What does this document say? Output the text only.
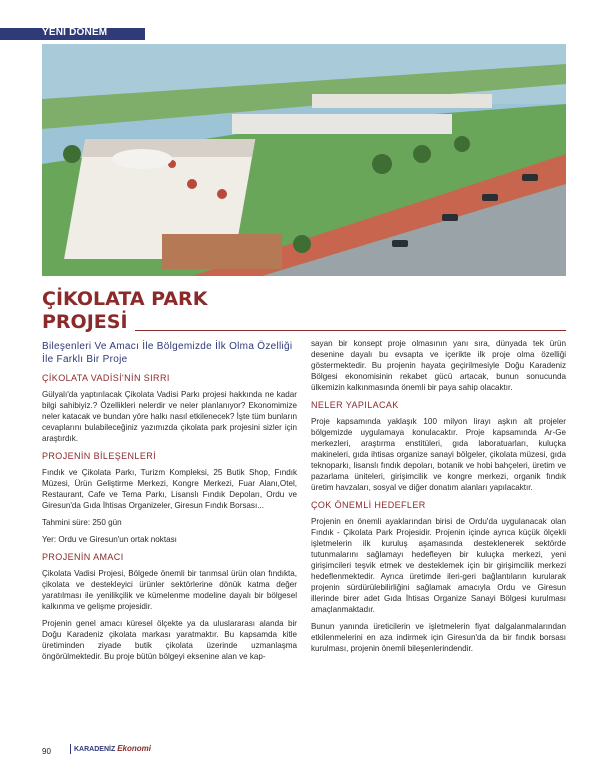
YENİ DÖNEM
ÇİKOLATA PARK
PROJESİ
Bileşenleri Ve Amacı İle Bölgemizde İlk Olma Özelliği İle Farklı Bir Proje
ÇİKOLATA VADİSİ'NİN SIRRI

Gülyalı'da yaptırılacak Çikolata Vadisi Parkı projesi hakkında ne kadar bilgi sahibiyiz.? Özellikleri nelerdir ve neler planlanıyor? Ekonomimize neler katacak ve bundan yöre halkı nasıl etkilenecek? İşte tüm bunların cevaplarını bulabileceğiniz yazımızda çikolata park projesini sizler için araştırdık.

PROJENİN BİLEŞENLERİ

Fındık ve Çikolata Parkı, Turizm Kompleksi, 25 Butik Shop, Fındık Müzesi, Ürün Geliştirme Merkezi, Kongre Merkezi, Fuar Alanı,Otel, Restaurant, Cafe ve Tema Parkı, Lisanslı Fındık Depoları, Ordu ve Giresun'da Gıda İhtisas Organizeler, Giresun Fındık Borsası...

Tahmini süre: 250 gün

Yer: Ordu ve Giresun'un ortak noktası

PROJENİN AMACI

Çikolata Vadisi Projesi, Bölgede önemli bir tarımsal ürün olan fındıkta, çikolata ve destekleyici ürünler sektörlerine dönük katma değer yaratılması ile yenilikçilik ve kümelenme modeline dayalı bir bölgesel kalkınma ve gelişme projesidir.

Projenin genel amacı küresel ölçekte ya da uluslararası alanda bir Doğu Karadeniz çikolata markası yaratmaktır. Bu kapsamda kitle üretiminden ziyade butik çikolata üzerinde uzmanlaşma öngörülmektedir. Bu proje bütün bölgeyi eksenine alan ve kap-

sayan bir konsept proje olmasının yanı sıra, dünyada tek ürün desenine dayalı bu evsapta ve içerikte ilk proje olma özelliği göstermektedir. Bu projenin hayata geçirilmesiyle Doğu Karadeniz Bölgesi ekonomisinin rekabet gücü artacak, bunun sonucunda ülkemizin kalkınmasında önemli bir paya sahip olacaktır.

NELER YAPILACAK

Proje kapsamında yaklaşık 100 milyon lirayı aşkın alt projeler bölgemizde uygulamaya konulacaktır. Proje kapsamında Ar-Ge merkezleri, araştırma enstitüleri, gıda laboratuarları, kuluçka makineleri, gıda ihtisas organize sanayi bölgeler, çikolata müzesi, gıda teknoparkı, lisanslı fındık depoları, botanik ve hobi bahçeleri, üretim ve pazarlama üniteleri, girişimcilik ve kongre merkezi, organik fındık üretim havzaları, sosyal ve diğer donatım alanları yapılacaktır.

ÇOK ÖNEMLİ HEDEFLER

Projenin en önemli ayaklarından birisi de Ordu'da uygulanacak olan Fındık - Çikolata Park Projesidir. Projenin içinde ayrıca küçük ölçekli işletmelerin ilk kuruluş aşamasında desteklenerek sektörde tutunmalarını sağlamayı hedefleyen bir kuluçka merkezi, yeni girişimcileri teşvik etmek ve desteklemek için bir girişimcilik merkezi hedeflenmektedir. Ayrıca üretimde ileri-geri bağlantıların kurularak projenin sürdürülebilirliğini sağlamak amacıyla Ordu ve Giresun illerinde birer adet Gıda İhtisas Organize Sanayi Bölgesi kurulması amaçlanmaktadır.

Bunun yanında üreticilerin ve işletmelerin fiyat dalgalanmalarından etkilenmelerini en aza indirmek için Giresun'da da bir fındık borsası kurulması, projenin önemli bileşenlerindendir.

90	KARADENİZ Ekonomi
